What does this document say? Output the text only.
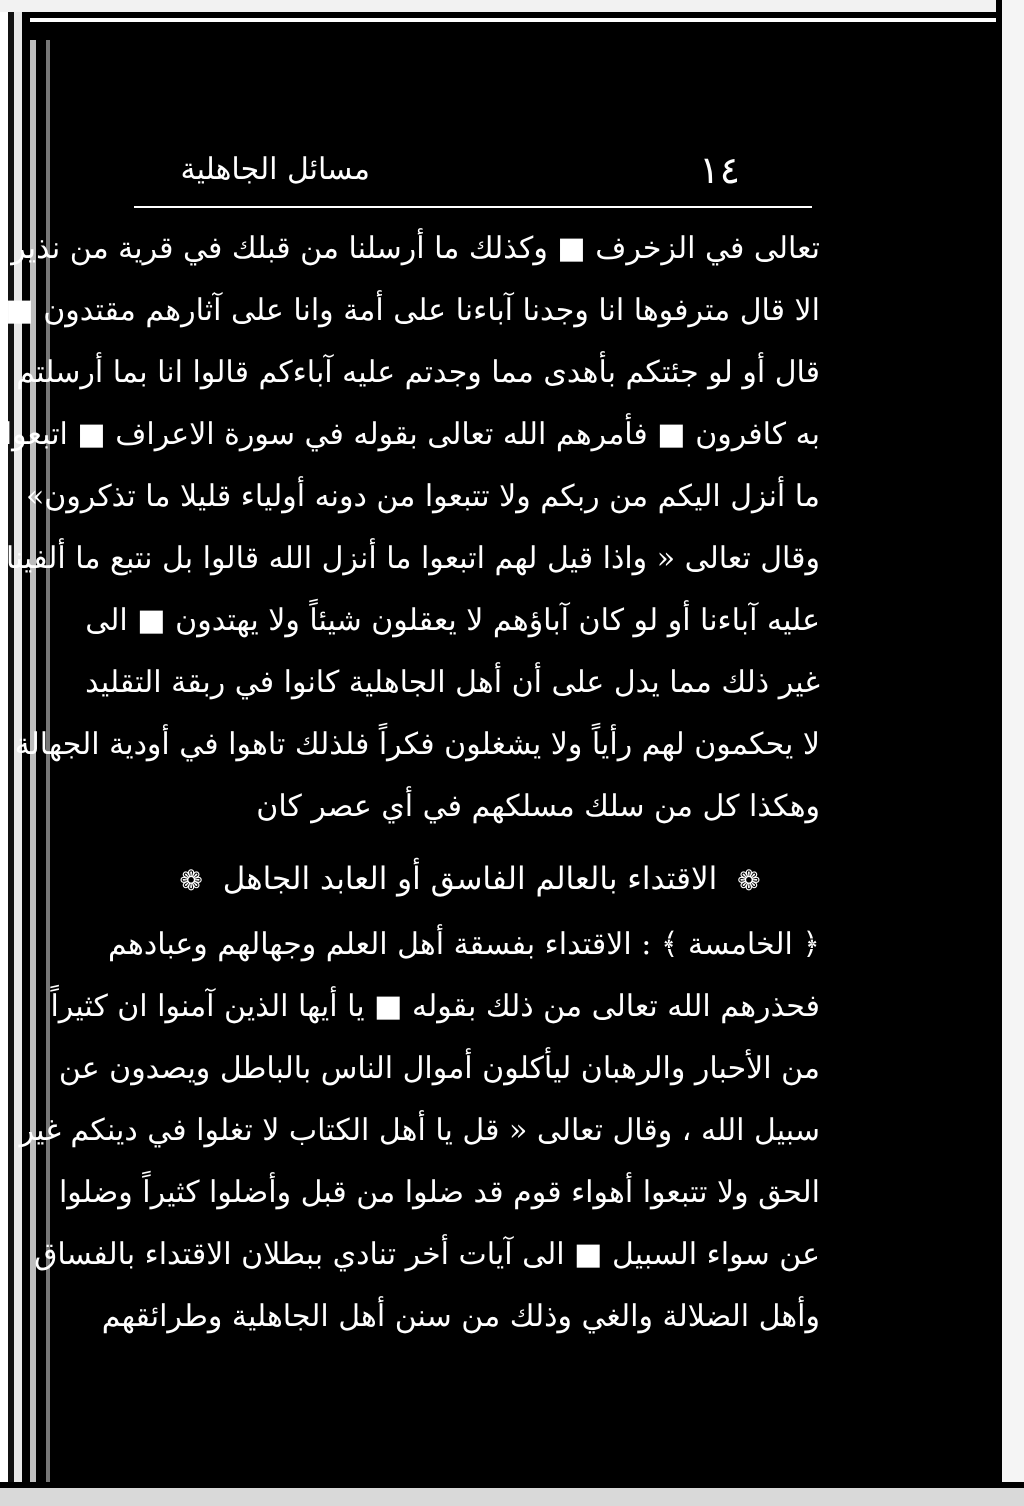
١٤
مسائل الجاهلية
تعالى في الزخرف ■ وكذلك ما أرسلنا من قبلك في قرية من نذير
الا قال مترفوها انا وجدنا آباءنا على أمة وانا على آثارهم مقتدون ■
قال أو لو جئتكم بأهدى مما وجدتم عليه آباءكم قالوا انا بما أرسلتم
به كافرون ■ فأمرهم الله تعالى بقوله في سورة الاعراف ■ اتبعوا
ما أنزل اليكم من ربكم ولا تتبعوا من دونه أولياء قليلا ما تذكرون»
وقال تعالى « واذا قيل لهم اتبعوا ما أنزل الله قالوا بل نتبع ما ألفينا
عليه آباءنا أو لو كان آباؤهم لا يعقلون شيئاً ولا يهتدون ■ الى
غير ذلك مما يدل على أن أهل الجاهلية كانوا في ربقة التقليد
لا يحكمون لهم رأياً ولا يشغلون فكراً فلذلك تاهوا في أودية الجهالة
وهكذا كل من سلك مسلكهم في أي عصر كان
❁ الاقتداء بالعالم الفاسق أو العابد الجاهل ❁
﴿ الخامسة ﴾ : الاقتداء بفسقة أهل العلم وجهالهم وعبادهم
فحذرهم الله تعالى من ذلك بقوله ■ يا أيها الذين آمنوا ان كثيراً
من الأحبار والرهبان ليأكلون أموال الناس بالباطل ويصدون عن
سبيل الله ، وقال تعالى « قل يا أهل الكتاب لا تغلوا في دينكم غير
الحق ولا تتبعوا أهواء قوم قد ضلوا من قبل وأضلوا كثيراً وضلوا
عن سواء السبيل ■ الى آيات أخر تنادي ببطلان الاقتداء بالفساق
وأهل الضلالة والغي وذلك من سنن أهل الجاهلية وطرائقهم
